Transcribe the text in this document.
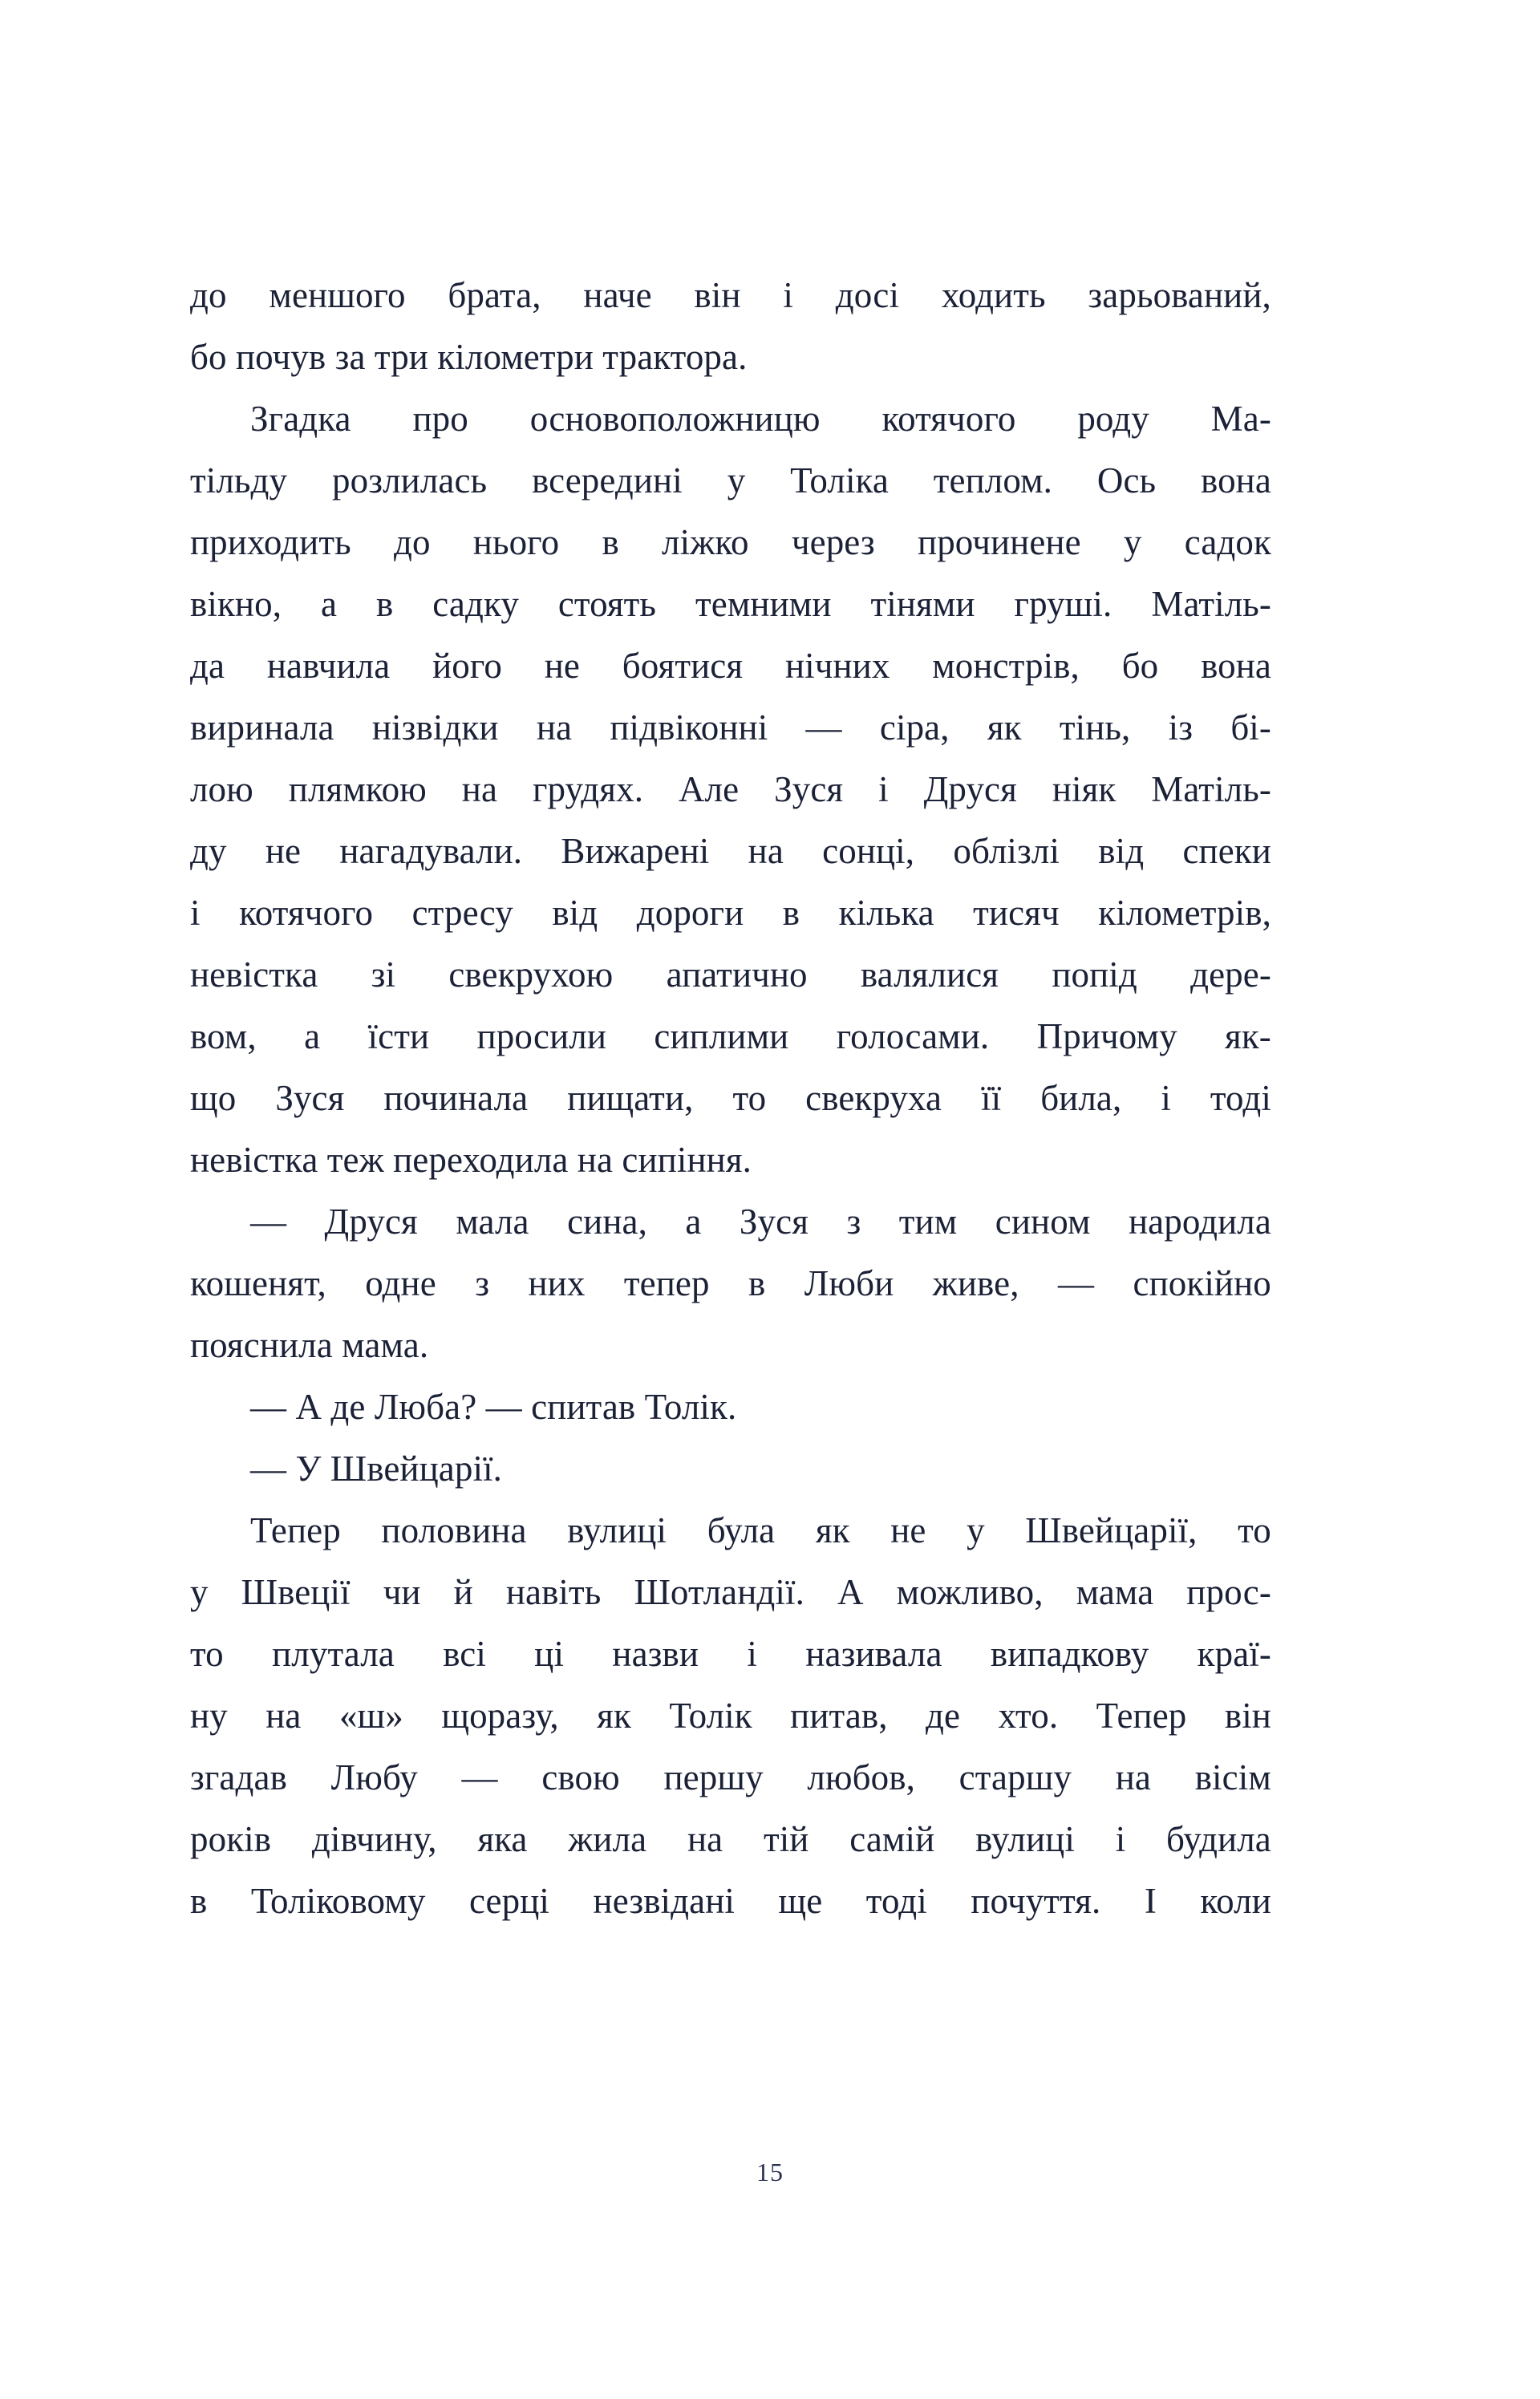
до меншого брата, наче він і досі ходить зарьований,
бо почув за три кілометри трактора.
Згадка про основоположницю котячого роду Ма-
тільду розлилась всередині у Толіка теплом. Ось вона
приходить до нього в ліжко через прочинене у садок
вікно, а в садку стоять темними тінями груші. Матіль-
да навчила його не боятися нічних монстрів, бо вона
виринала нізвідки на підвіконні — сіра, як тінь, із бі-
лою плямкою на грудях. Але Зуся і Друся ніяк Матіль-
ду не нагадували. Вижарені на сонці, облізлі від спеки
і котячого стресу від дороги в кілька тисяч кілометрів,
невістка зі свекрухою апатично валялися попід дере-
вом, а їсти просили сиплими голосами. Причому як-
що Зуся починала пищати, то свекруха її била, і тоді
невістка теж переходила на сипіння.
— Друся мала сина, а Зуся з тим сином народила
кошенят, одне з них тепер в Люби живе, — спокійно
пояснила мама.
— А де Люба? — спитав Толік.
— У Швейцарії.
Тепер половина вулиці була як не у Швейцарії, то
у Швеції чи й навіть Шотландії. А можливо, мама прос-
то плутала всі ці назви і називала випадкову краї-
ну на «ш» щоразу, як Толік питав, де хто. Тепер він
згадав Любу — свою першу любов, старшу на вісім
років дівчину, яка жила на тій самій вулиці і будила
в Толіковому серці незвідані ще тоді почуття. І коли
15
